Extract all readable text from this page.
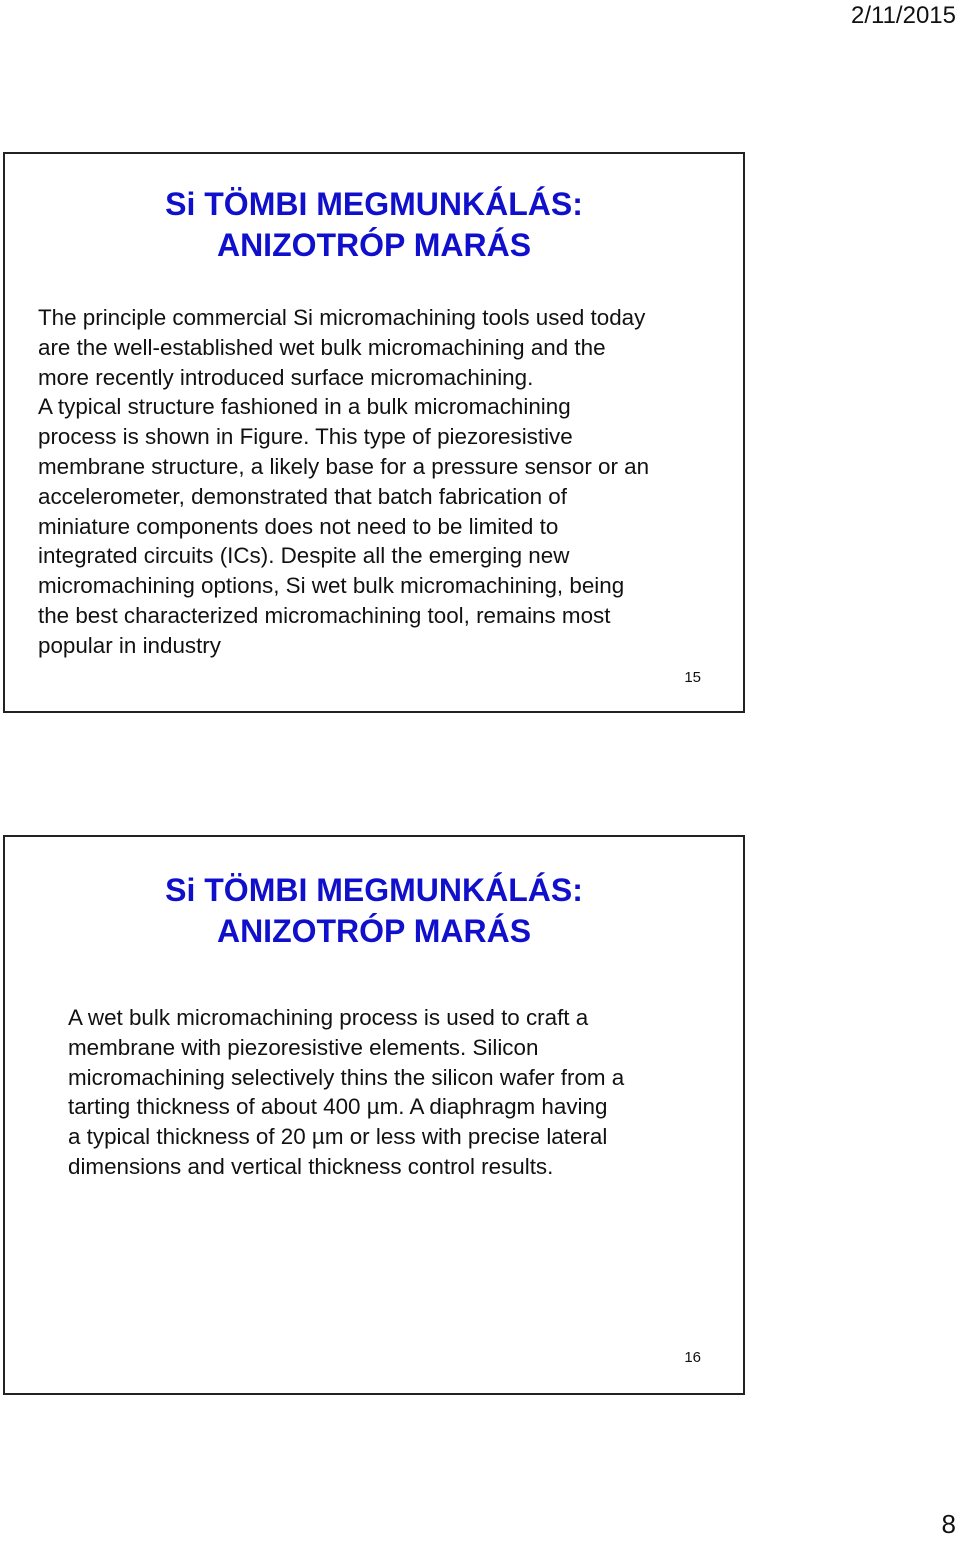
2/11/2015
Si TÖMBI MEGMUNKÁLÁS:
ANIZOTRÓP MARÁS
The principle commercial Si micromachining tools used today
are the well-established wet bulk micromachining and the
more recently introduced surface micromachining.
A typical structure fashioned in a bulk micromachining
process is shown in Figure. This type of piezoresistive
membrane structure, a likely base for a pressure sensor or an
accelerometer, demonstrated that batch fabrication of
miniature components does not need to be limited to
integrated circuits (ICs). Despite all the emerging new
micromachining options, Si wet bulk micromachining, being
the best characterized micromachining tool, remains most
popular in industry
15
Si TÖMBI MEGMUNKÁLÁS:
ANIZOTRÓP MARÁS
A wet bulk micromachining process is used to craft a
membrane with piezoresistive elements. Silicon
micromachining selectively thins the silicon wafer from a
tarting thickness of about 400 µm. A diaphragm having
a typical thickness of 20 µm or less with precise lateral
dimensions and vertical thickness control results.
16
8
